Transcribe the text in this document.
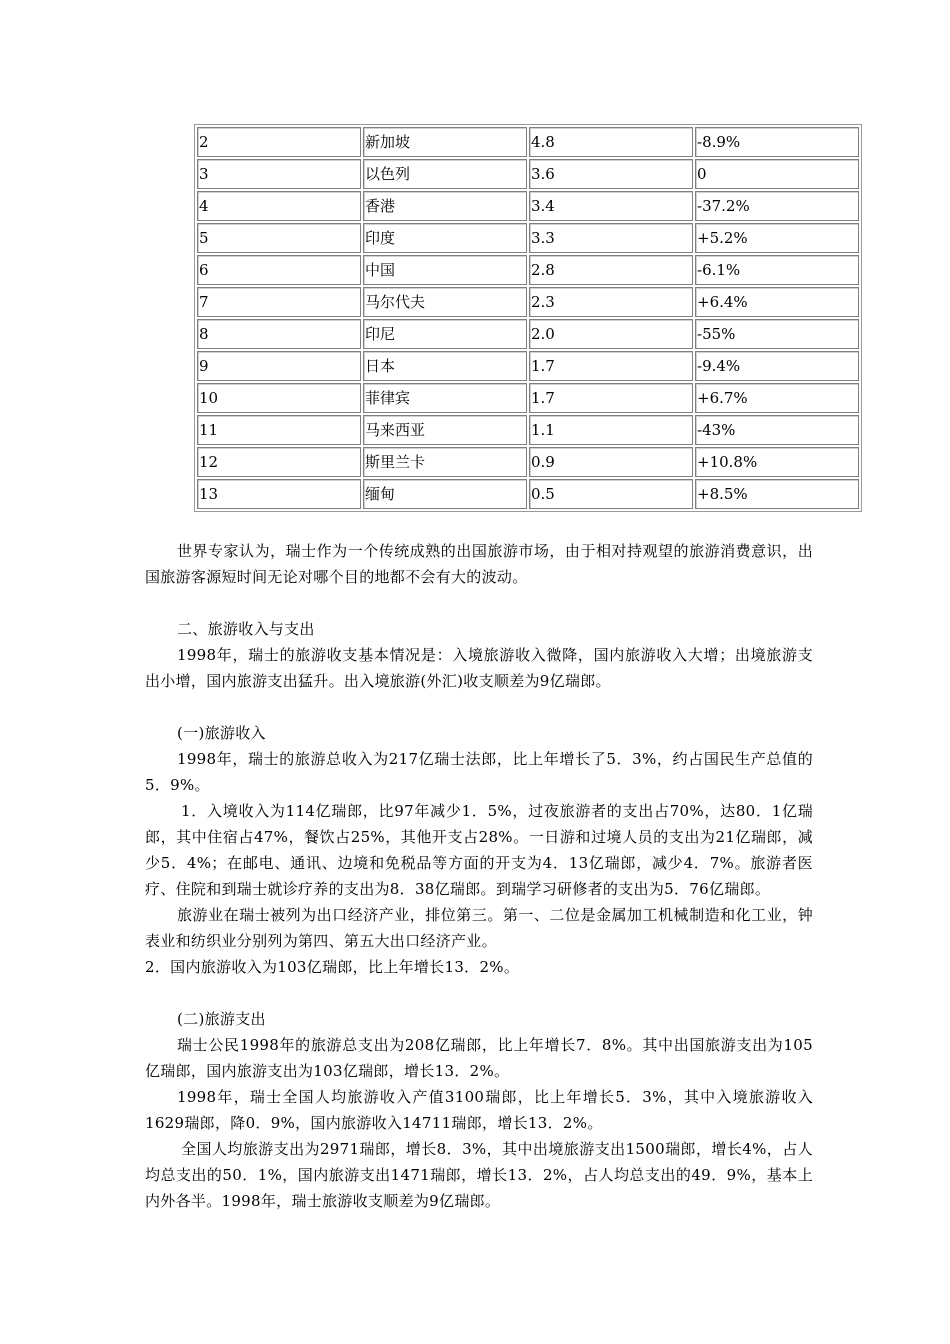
2	新加坡	4.8	-8.9%
3	以色列	3.6	0
4	香港	3.4	-37.2%
5	印度	3.3	+5.2%
6	中国	2.8	-6.1%
7	马尔代夫	2.3	+6.4%
8	印尼	2.0	-55%
9	日本	1.7	-9.4%
10	菲律宾	1.7	+6.7%
11	马来西亚	1.1	-43%
12	斯里兰卡	0.9	+10.8%
13	缅甸	0.5	+8.5%

世界专家认为，瑞士作为一个传统成熟的出国旅游市场，由于相对持观望的旅游消费意识，出国旅游客源短时间无论对哪个目的地都不会有大的波动。

二、旅游收入与支出

1998年，瑞士的旅游收支基本情况是：入境旅游收入微降，国内旅游收入大增；出境旅游支出小增，国内旅游支出猛升。出入境旅游(外汇)收支顺差为9亿瑞郎。

(一)旅游收入

1998年，瑞士的旅游总收入为217亿瑞士法郎，比上年增长了5．3%，约占国民生产总值的5．9%。

1．入境收入为114亿瑞郎，比97年减少1．5%，过夜旅游者的支出占70%，达80．1亿瑞郎，其中住宿占47%，餐饮占25%，其他开支占28%。一日游和过境人员的支出为21亿瑞郎，减少5．4%；在邮电、通讯、边境和免税品等方面的开支为4．13亿瑞郎，减少4．7%。旅游者医疗、住院和到瑞士就诊疗养的支出为8．38亿瑞郎。到瑞学习研修者的支出为5．76亿瑞郎。

旅游业在瑞士被列为出口经济产业，排位第三。第一、二位是金属加工机械制造和化工业，钟表业和纺织业分别列为第四、第五大出口经济产业。

2．国内旅游收入为103亿瑞郎，比上年增长13．2%。

(二)旅游支出

瑞士公民1998年的旅游总支出为208亿瑞郎，比上年增长7．8%。其中出国旅游支出为105亿瑞郎，国内旅游支出为103亿瑞郎，增长13．2%。

1998年，瑞士全国人均旅游收入产值3100瑞郎，比上年增长5．3%，其中入境旅游收入1629瑞郎，降0．9%，国内旅游收入14711瑞郎，增长13．2%。

全国人均旅游支出为2971瑞郎，增长8．3%，其中出境旅游支出1500瑞郎，增长4%，占人均总支出的50．1%，国内旅游支出1471瑞郎，增长13．2%，占人均总支出的49．9%，基本上内外各半。1998年，瑞士旅游收支顺差为9亿瑞郎。
